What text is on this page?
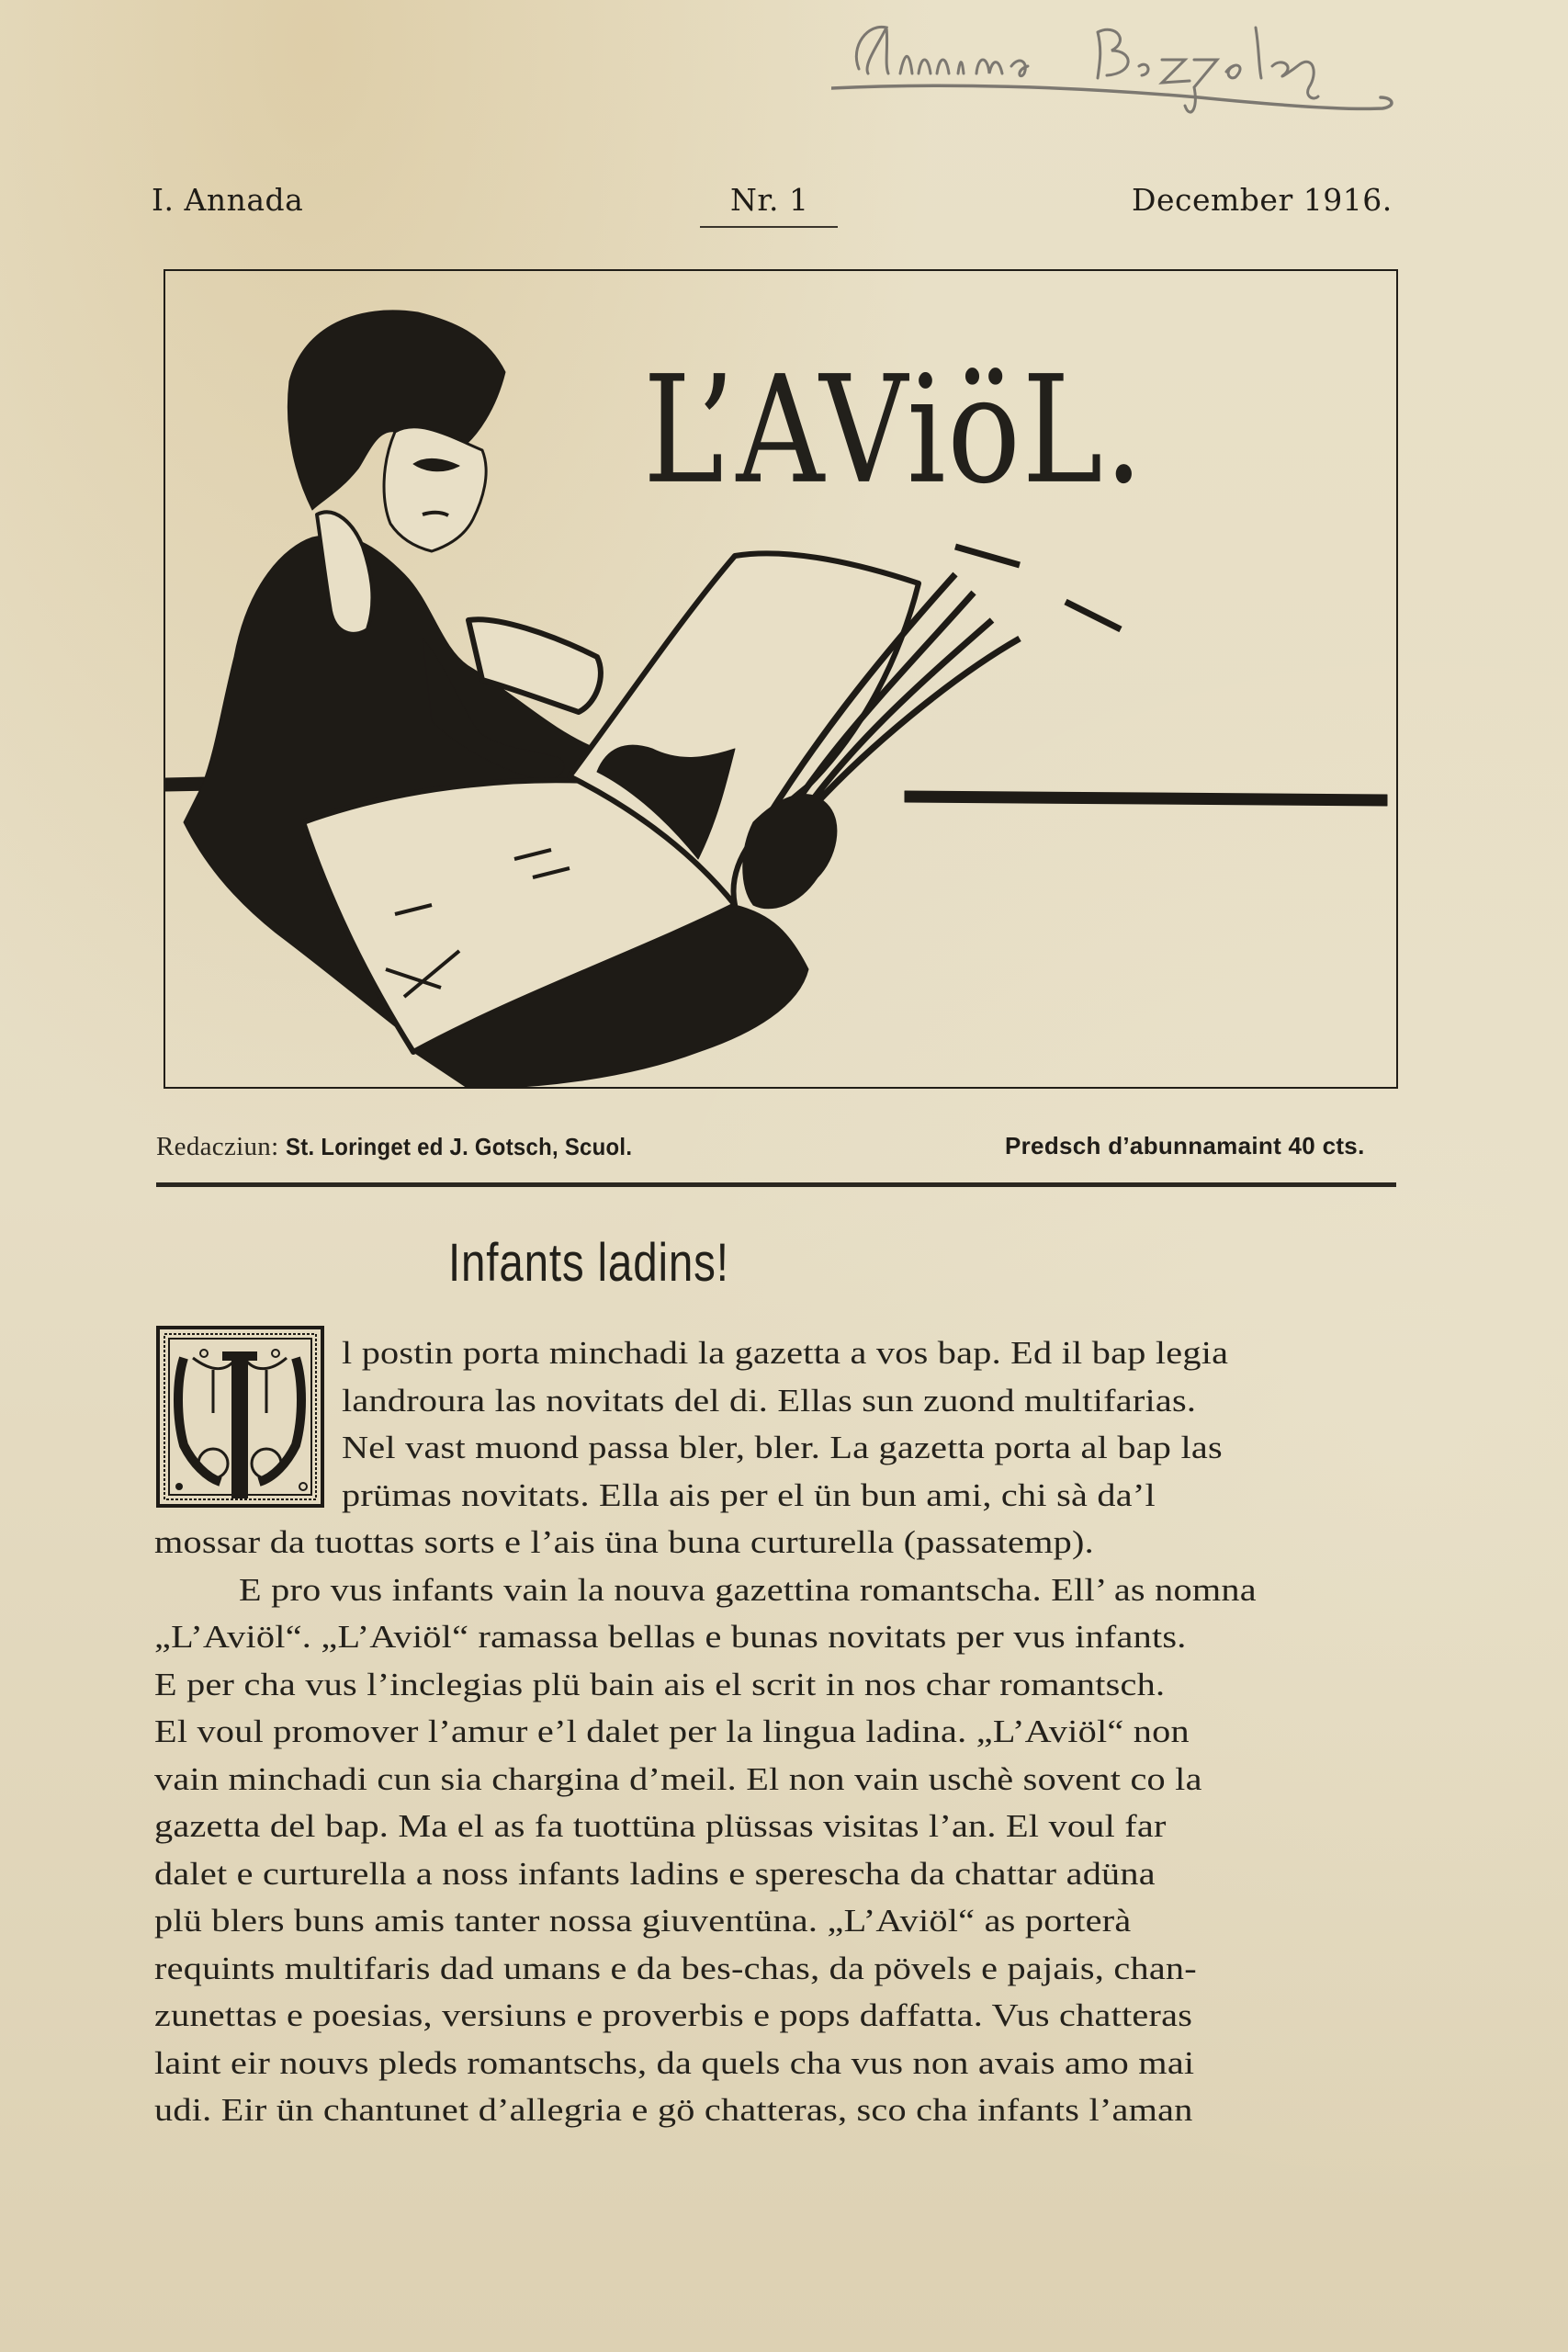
I. Annada	Nr. 1	December 1916.
L’AViöL.
Redacziun: St. Loringet ed J. Gotsch, Scuol.	Predsch d’abunnamaint 40 cts.
Infants ladins!
l postin porta minchadi la gazetta a vos bap. Ed il bap legia
landroura las novitats del di. Ellas sun zuond multifarias.
Nel vast muond passa bler, bler. La gazetta porta al bap las
prümas novitats. Ella ais per el ün bun ami, chi sà da’l
mossar da tuottas sorts e l’ais üna buna curturella (passatemp).
E pro vus infants vain la nouva gazettina romantscha. Ell’ as nomna
„L’Aviöl“. „L’Aviöl“ ramassa bellas e bunas novitats per vus infants.
E per cha vus l’inclegias plü bain ais el scrit in nos char romantsch.
El voul promover l’amur e’l dalet per la lingua ladina. „L’Aviöl“ non
vain minchadi cun sia chargina d’meil. El non vain uschè sovent co la
gazetta del bap. Ma el as fa tuottüna plüssas visitas l’an. El voul far
dalet e curturella a noss infants ladins e sperescha da chattar adüna
plü blers buns amis tanter nossa giuventüna. „L’Aviöl“ as porterà
requints multifaris dad umans e da bes-chas, da pövels e pajais, chan-
zunettas e poesias, versiuns e proverbis e pops daffatta. Vus chatteras
laint eir nouvs pleds romantschs, da quels cha vus non avais amo mai
udi. Eir ün chantunet d’allegria e gö chatteras, sco cha infants l’aman
